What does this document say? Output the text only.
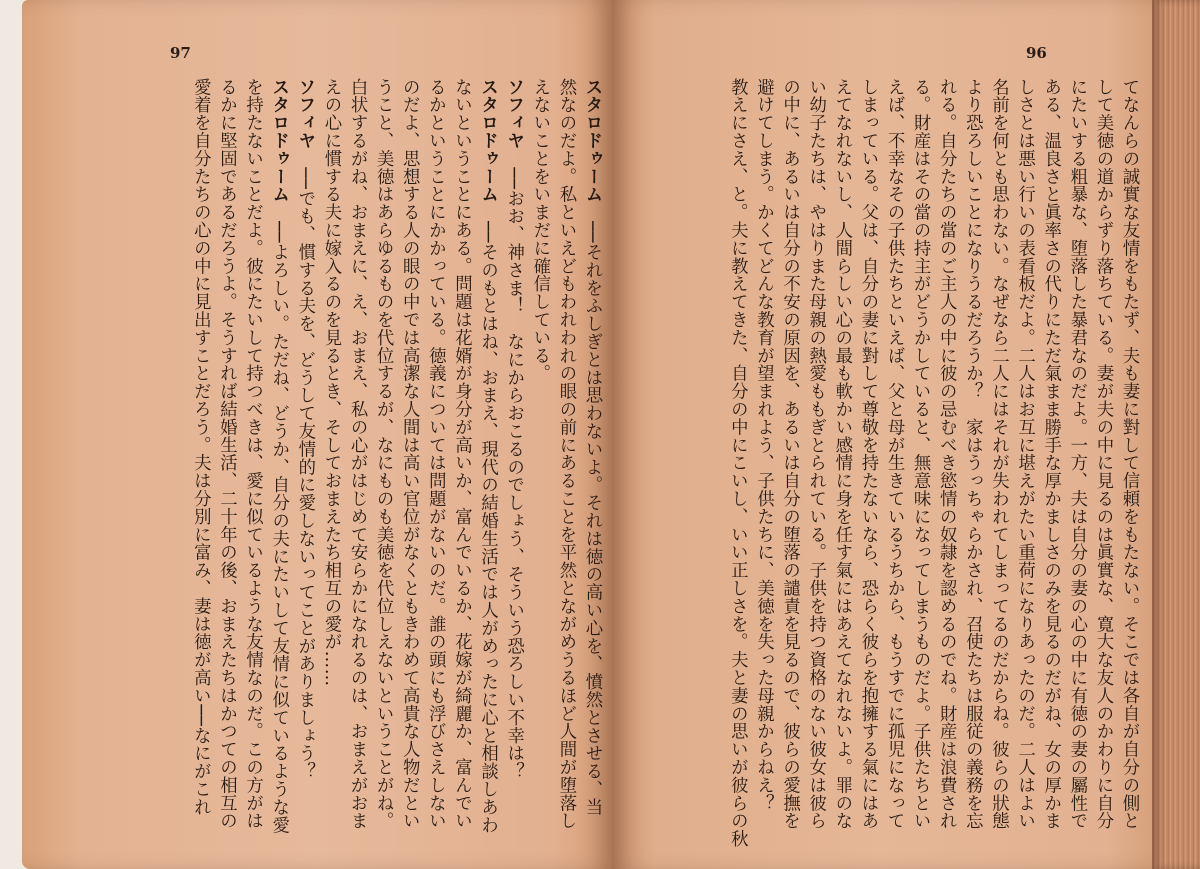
97
スタロドゥーム　──それをふしぎとは思わないよ。それは徳の高い心を、憤然とさせる、当
然なのだよ。私といえどもわれわれの眼の前にあることを平然とながめうるほど人間が堕落し
えないことをいまだに確信している。
ソフィヤ　──おお、神さま！　なにからおこるのでしょう、そういう恐ろしい不幸は？
スタロドゥーム　──そのもとはね、おまえ、現代の結婚生活では人がめったに心と相談しあわ
ないということにある。問題は花婿が身分が高いか、富んでいるか、花嫁が綺麗か、富んでい
るかということにかかっている。徳義については問題がないのだ。誰の頭にも浮びさえしない
のだよ、思想する人の眼の中では高潔な人間は高い官位がなくともきわめて高貴な人物だとい
うこと、美徳はあらゆるものを代位するが、なにものも美徳を代位しえないということがね。
白状するがね、おまえに、え、おまえ、私の心がはじめて安らかになれるのは、おまえがおま
えの心に慣する夫に嫁入るのを見るとき、そしておまえたち相互の愛が……
ソフィヤ　──でも、慣する夫を、どうして友情的に愛しないってことがありましょう？
スタロドゥーム　──よろしい。ただね、どうか、自分の夫にたいして友情に似ているような愛
を持たないことだよ。彼にたいして持つべきは、愛に似ているような友情なのだ。この方がは
るかに堅固であるだろうよ。そうすれば結婚生活、二十年の後、おまえたちはかつての相互の
愛着を自分たちの心の中に見出すことだろう。夫は分別に富み、妻は徳が高い──なにがこれ
96
てなんらの誠實な友情をもたず、夫も妻に對して信頼をもたない。そこでは各自が自分の側と
して美徳の道からずり落ちている。妻が夫の中に見るのは眞實な、寛大な友人のかわりに自分
にたいする粗暴な、堕落した暴君なのだよ。一方、夫は自分の妻の心の中に有徳の妻の屬性で
ある、温良さと眞率さの代りにただ氣まま勝手な厚かましさのみを見るのだがね、女の厚かま
しさとは悪い行いの表看板だよ。二人はお互に堪えがたい重荷になりあったのだ。二人はよい
名前を何とも思わない。なぜなら二人にはそれが失われてしまってるのだからね。彼らの狀態
より恐ろしいことになりうるだろうか？　家はうっちゃらかされ、召使たちは服従の義務を忘
れる。自分たちの當のご主人の中に彼の忌むべき慾情の奴隷を認めるのでね。財産は浪費され
る。財産はその當の持主がどうかしていると、無意味になってしまうものだよ。子供たちとい
えば、不幸なその子供たちといえば、父と母が生きているうちから、もうすでに孤児になって
しまっている。父は、自分の妻に對して尊敬を持たないなら、恐らく彼らを抱擁する氣にはあ
えてなれないし、人間らしい心の最も軟かい感情に身を任す氣にはあえてなれないよ。罪のな
い幼子たちは、やはりまた母親の熱愛ももぎとられている。子供を持つ資格のない彼女は彼ら
の中に、あるいは自分の不安の原因を、あるいは自分の堕落の譴責を見るので、彼らの愛撫を
避けてしまう。かくてどんな教育が望まれよう、子供たちに、美徳を失った母親からねえ？
教えにさえ、と。夫に教えてきた、自分の中にこいし、いい正しさを。夫と妻の思いが彼らの秋
